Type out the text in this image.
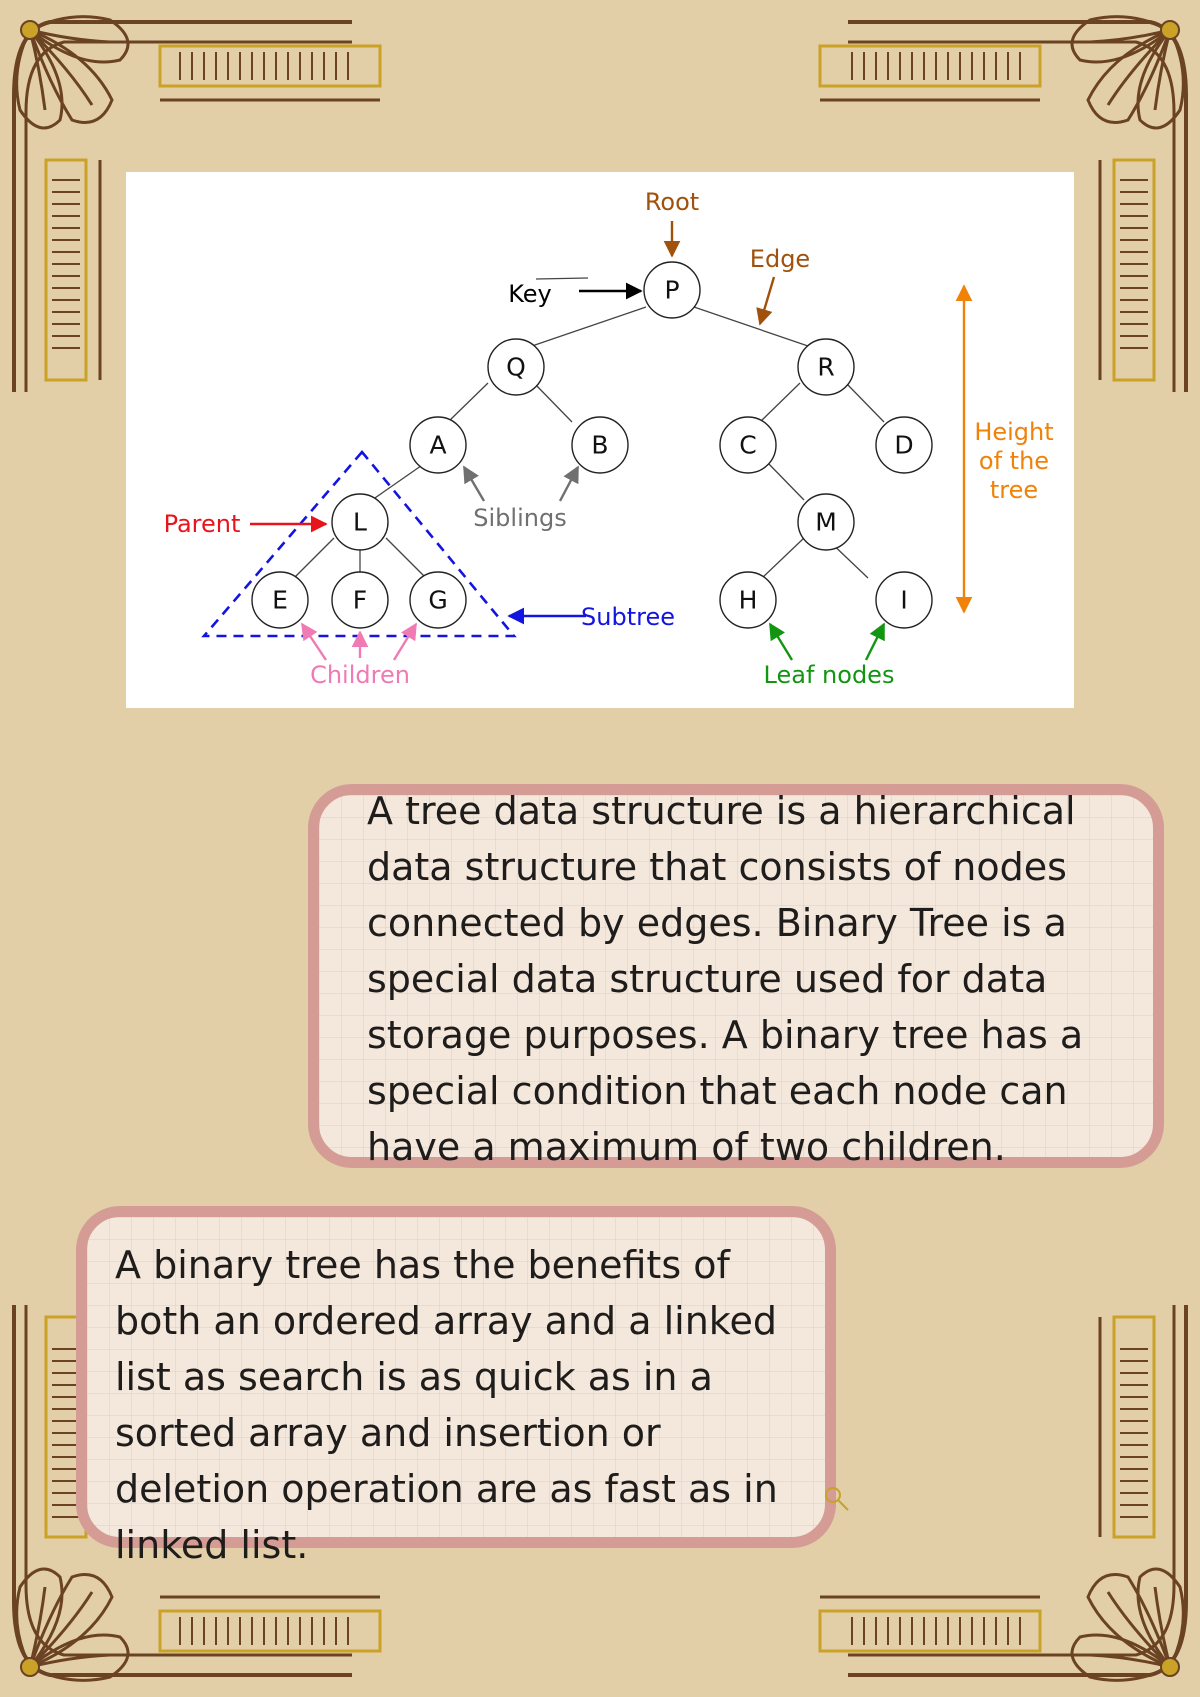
P
Q	R
A	B	C	D
L	M
E	F G	H	I
Root
Key
Edge
Parent	Siblings
Subtree
Children	Leaf nodes
Height
of the
tree

A tree data structure is a hierarchical data structure that consists of nodes connected by edges. Binary Tree is a special data structure used for data storage purposes. A binary tree has a special condition that each node can have a maximum of two children.

A binary tree has the benefits of both an ordered array and a linked list as search is as quick as in a sorted array and insertion or deletion operation are as fast as in linked list.
